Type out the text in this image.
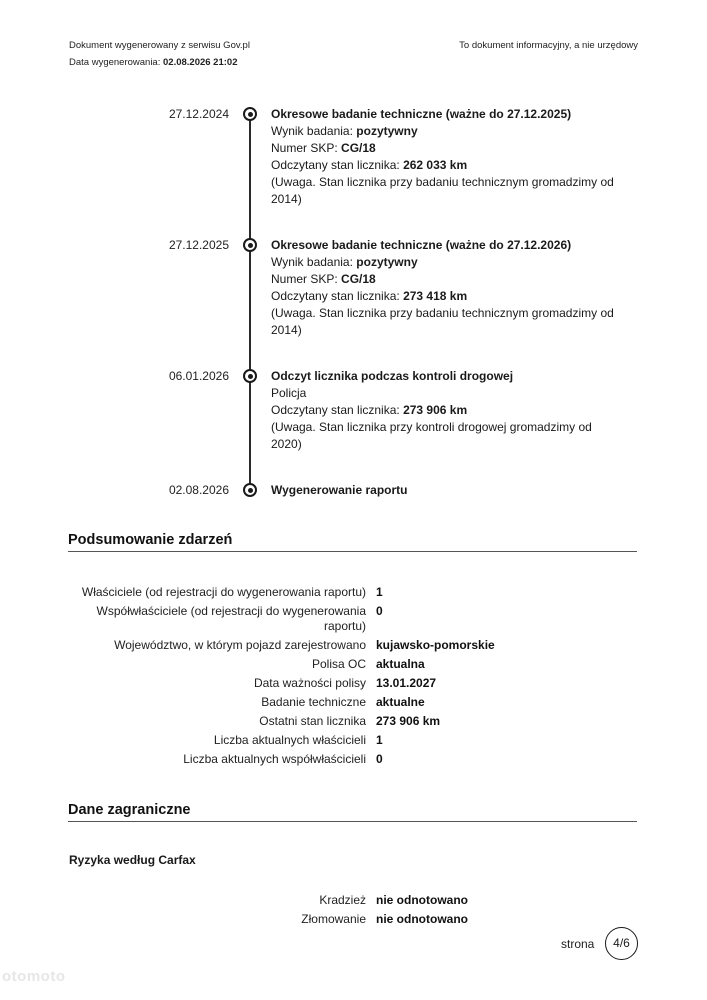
Dokument wygenerowany z serwisu Gov.pl
Data wygenerowania: 02.08.2026 21:02
To dokument informacyjny, a nie urzędowy
27.12.2024	Okresowe badanie techniczne (ważne do 27.12.2025)
Wynik badania: pozytywny
Numer SKP: CG/18
Odczytany stan licznika: 262 033 km
(Uwaga. Stan licznika przy badaniu technicznym gromadzimy od 2014)
27.12.2025	Okresowe badanie techniczne (ważne do 27.12.2026)
Wynik badania: pozytywny
Numer SKP: CG/18
Odczytany stan licznika: 273 418 km
(Uwaga. Stan licznika przy badaniu technicznym gromadzimy od 2014)
06.01.2026	Odczyt licznika podczas kontroli drogowej
Policja
Odczytany stan licznika: 273 906 km
(Uwaga. Stan licznika przy kontroli drogowej gromadzimy od 2020)
02.08.2026	Wygenerowanie raportu
Podsumowanie zdarzeń
Właściciele (od rejestracji do wygenerowania raportu) 1
Współwłaściciele (od rejestracji do wygenerowania raportu)
0
Województwo, w którym pojazd zarejestrowano kujawsko-pomorskie
Polisa OC aktualna
Data ważności polisy 13.01.2027
Badanie techniczne aktualne
Ostatni stan licznika 273 906 km
Liczba aktualnych właścicieli 1
Liczba aktualnych współwłaścicieli 0
Dane zagraniczne
Ryzyka według Carfax
Kradzież nie odnotowano
Złomowanie nie odnotowano
strona	4/6
otomoto
